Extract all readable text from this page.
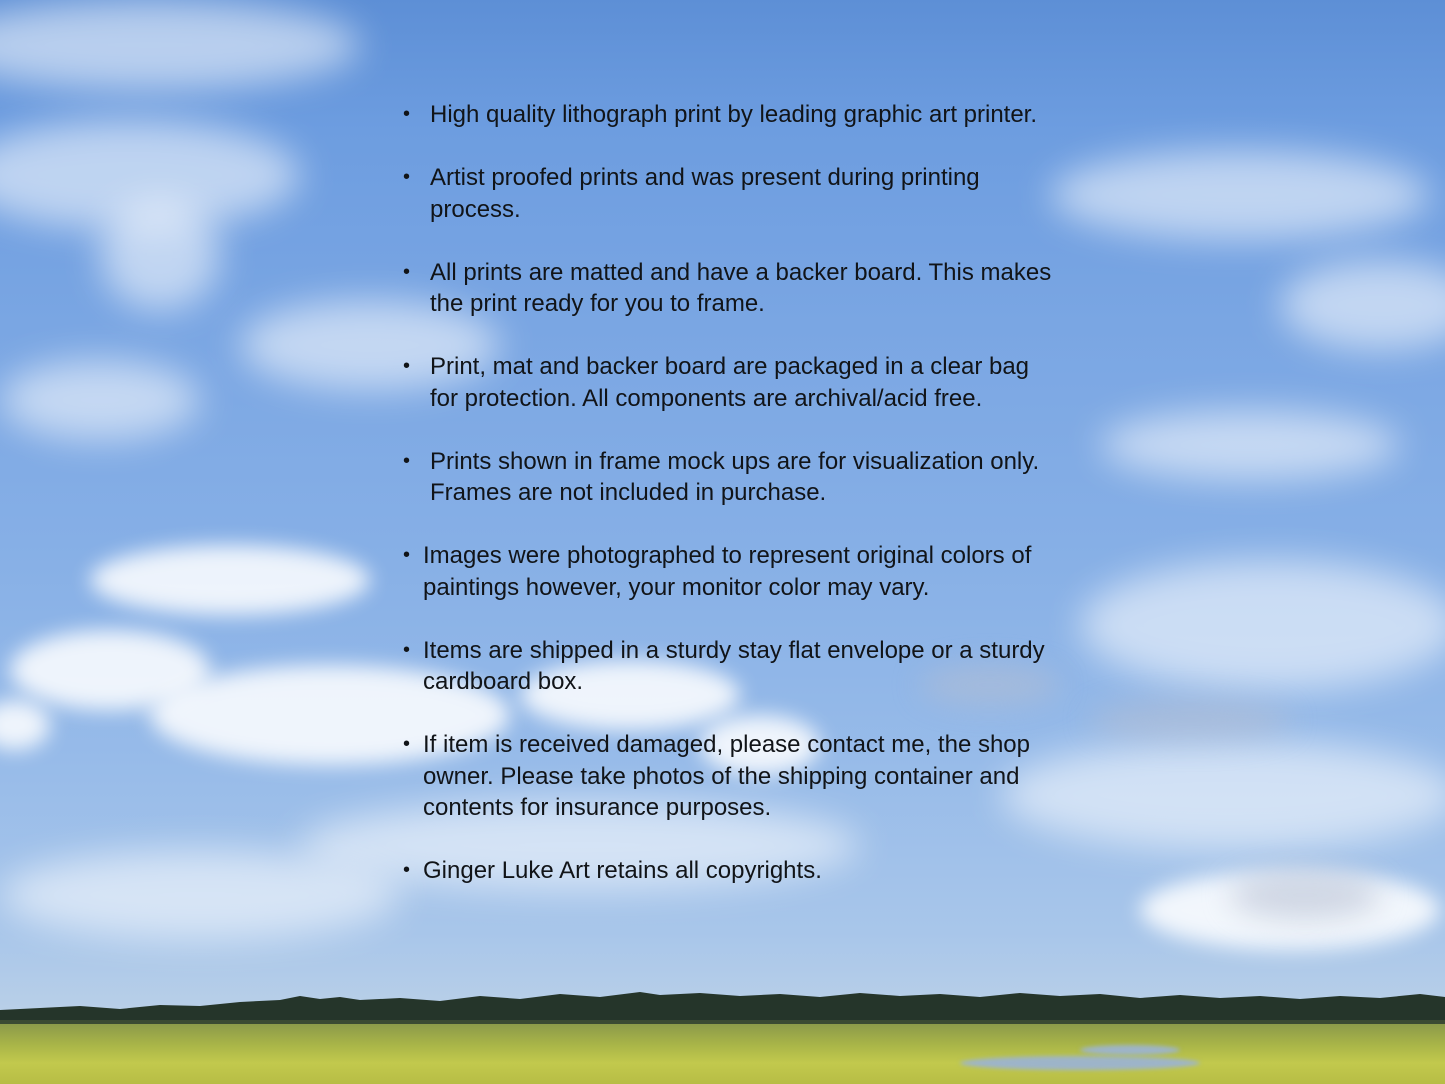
• High quality lithograph print by leading graphic art printer.
• Artist proofed prints and was present during printing process.
• All prints are matted and have a backer board. This makes the print ready for you to frame.
• Print, mat and backer board are packaged in a clear bag for protection. All components are archival/acid free.
• Prints shown in frame mock ups are for visualization only. Frames are not included in purchase.
• Images were photographed to represent original colors of paintings however, your monitor color may vary.
• Items are shipped in a sturdy stay flat envelope or a sturdy cardboard box.
• If item is received damaged, please contact me, the shop owner. Please take photos of the shipping container and contents for insurance purposes.
• Ginger Luke Art retains all copyrights.
